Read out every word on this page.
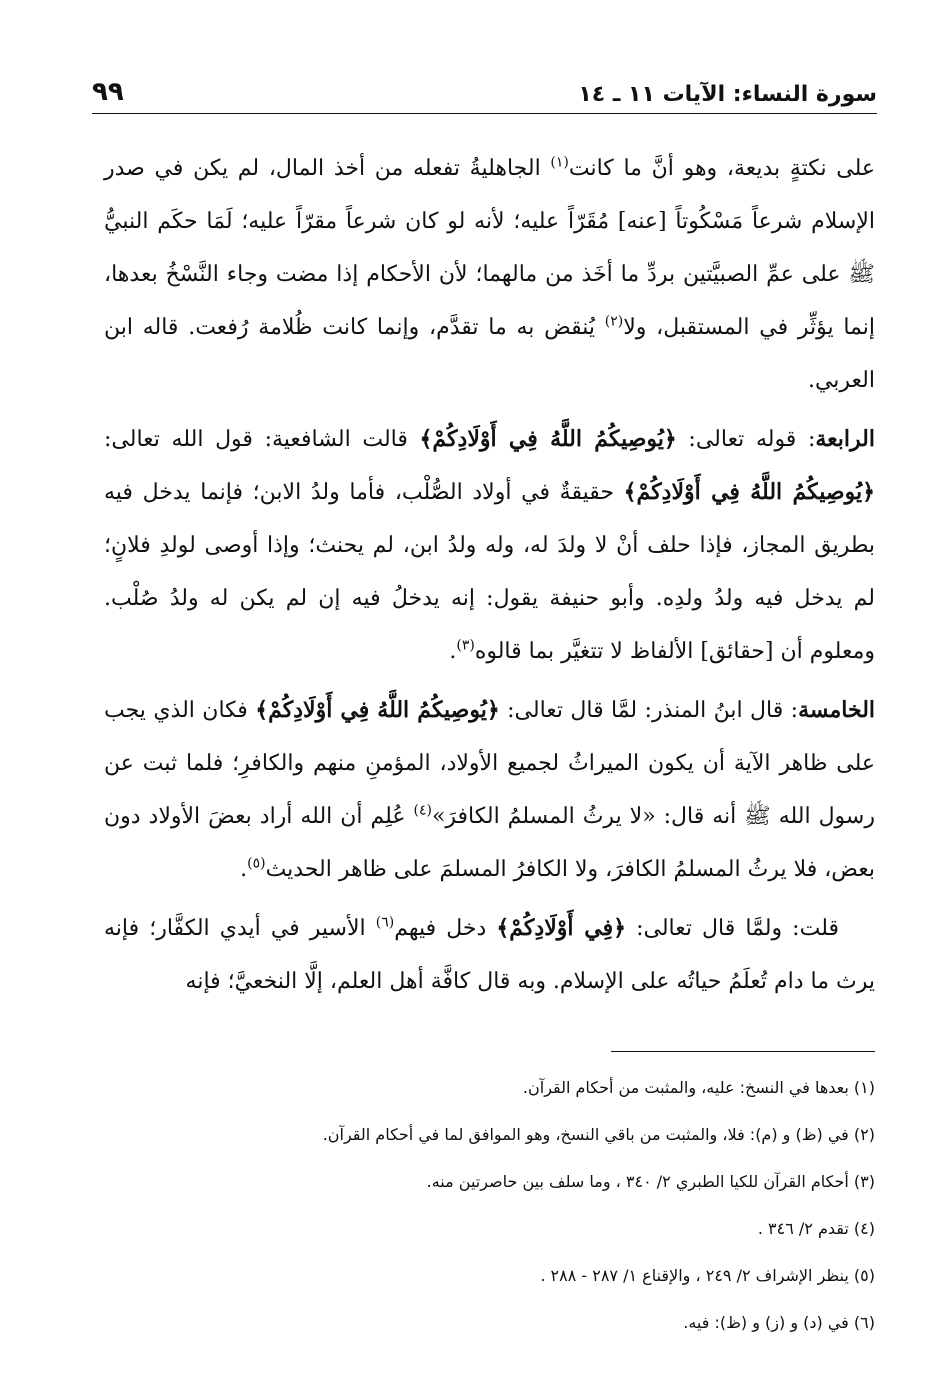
سورة النساء: الآيات ١١ ـ ١٤
٩٩

على نكتةٍ بديعة، وهو أنَّ ما كانت$^{(١)}$ الجاهليةُ تفعله من أخذ المال، لم يكن في صدر الإسلام شرعاً مَسْكُوتاً [عنه] مُقَرّاً عليه؛ لأنه لو كان شرعاً مقرّاً عليه؛ لَمَا حكَم النبيُّ ﷺ على عمِّ الصبيَّتين بردِّ ما أخَذ من مالهما؛ لأن الأحكام إذا مضت وجاء النَّسْخُ بعدها، إنما يؤثِّر في المستقبل، ولا$^{(٢)}$ يُنقض به ما تقدَّم، وإنما كانت ظُلامة رُفعت. قاله ابن العربي.

الرابعة: قوله تعالى: ﴿يُوصِيكُمُ اللَّهُ فِي أَوْلَادِكُمْ﴾ قالت الشافعية: قول الله تعالى: ﴿يُوصِيكُمُ اللَّهُ فِي أَوْلَادِكُمْ﴾ حقيقةٌ في أولاد الصُّلْب، فأما ولدُ الابن؛ فإنما يدخل فيه بطريق المجاز، فإذا حلف أنْ لا ولدَ له، وله ولدُ ابن، لم يحنث؛ وإذا أوصى لولدِ فلانٍ؛ لم يدخل فيه ولدُ ولدِه. وأبو حنيفة يقول: إنه يدخلُ فيه إن لم يكن له ولدُ صُلْب. ومعلوم أن [حقائق] الألفاظ لا تتغيَّر بما قالوه$^{(٣)}$.

الخامسة: قال ابنُ المنذر: لمَّا قال تعالى: ﴿يُوصِيكُمُ اللَّهُ فِي أَوْلَادِكُمْ﴾ فكان الذي يجب على ظاهر الآية أن يكون الميراثُ لجميع الأولاد، المؤمنِ منهم والكافرِ؛ فلما ثبت عن رسول الله ﷺ أنه قال: «لا يرثُ المسلمُ الكافرَ»$^{(٤)}$ عُلِم أن الله أراد بعضَ الأولاد دون بعض، فلا يرثُ المسلمُ الكافرَ، ولا الكافرُ المسلمَ على ظاهر الحديث$^{(٥)}$.

قلت: ولمَّا قال تعالى: ﴿فِي أَوْلَادِكُمْ﴾ دخل فيهم$^{(٦)}$ الأسير في أيدي الكفَّار؛ فإنه يرث ما دام تُعلَمُ حياتُه على الإسلام. وبه قال كافَّة أهل العلم، إلَّا النخعيَّ؛ فإنه

(١) بعدها في النسخ: عليه، والمثبت من أحكام القرآن.
(٢) في (ظ) و (م): فلا، والمثبت من باقي النسخ، وهو الموافق لما في أحكام القرآن.
(٣) أحكام القرآن للكيا الطبري ٢/ ٣٤٠ ، وما سلف بين حاصرتين منه.
(٤) تقدم ٢/ ٣٤٦ .
(٥) ينظر الإشراف ٢/ ٢٤٩ ، والإقناع ١/ ٢٨٧ - ٢٨٨ .
(٦) في (د) و (ز) و (ظ): فيه.
